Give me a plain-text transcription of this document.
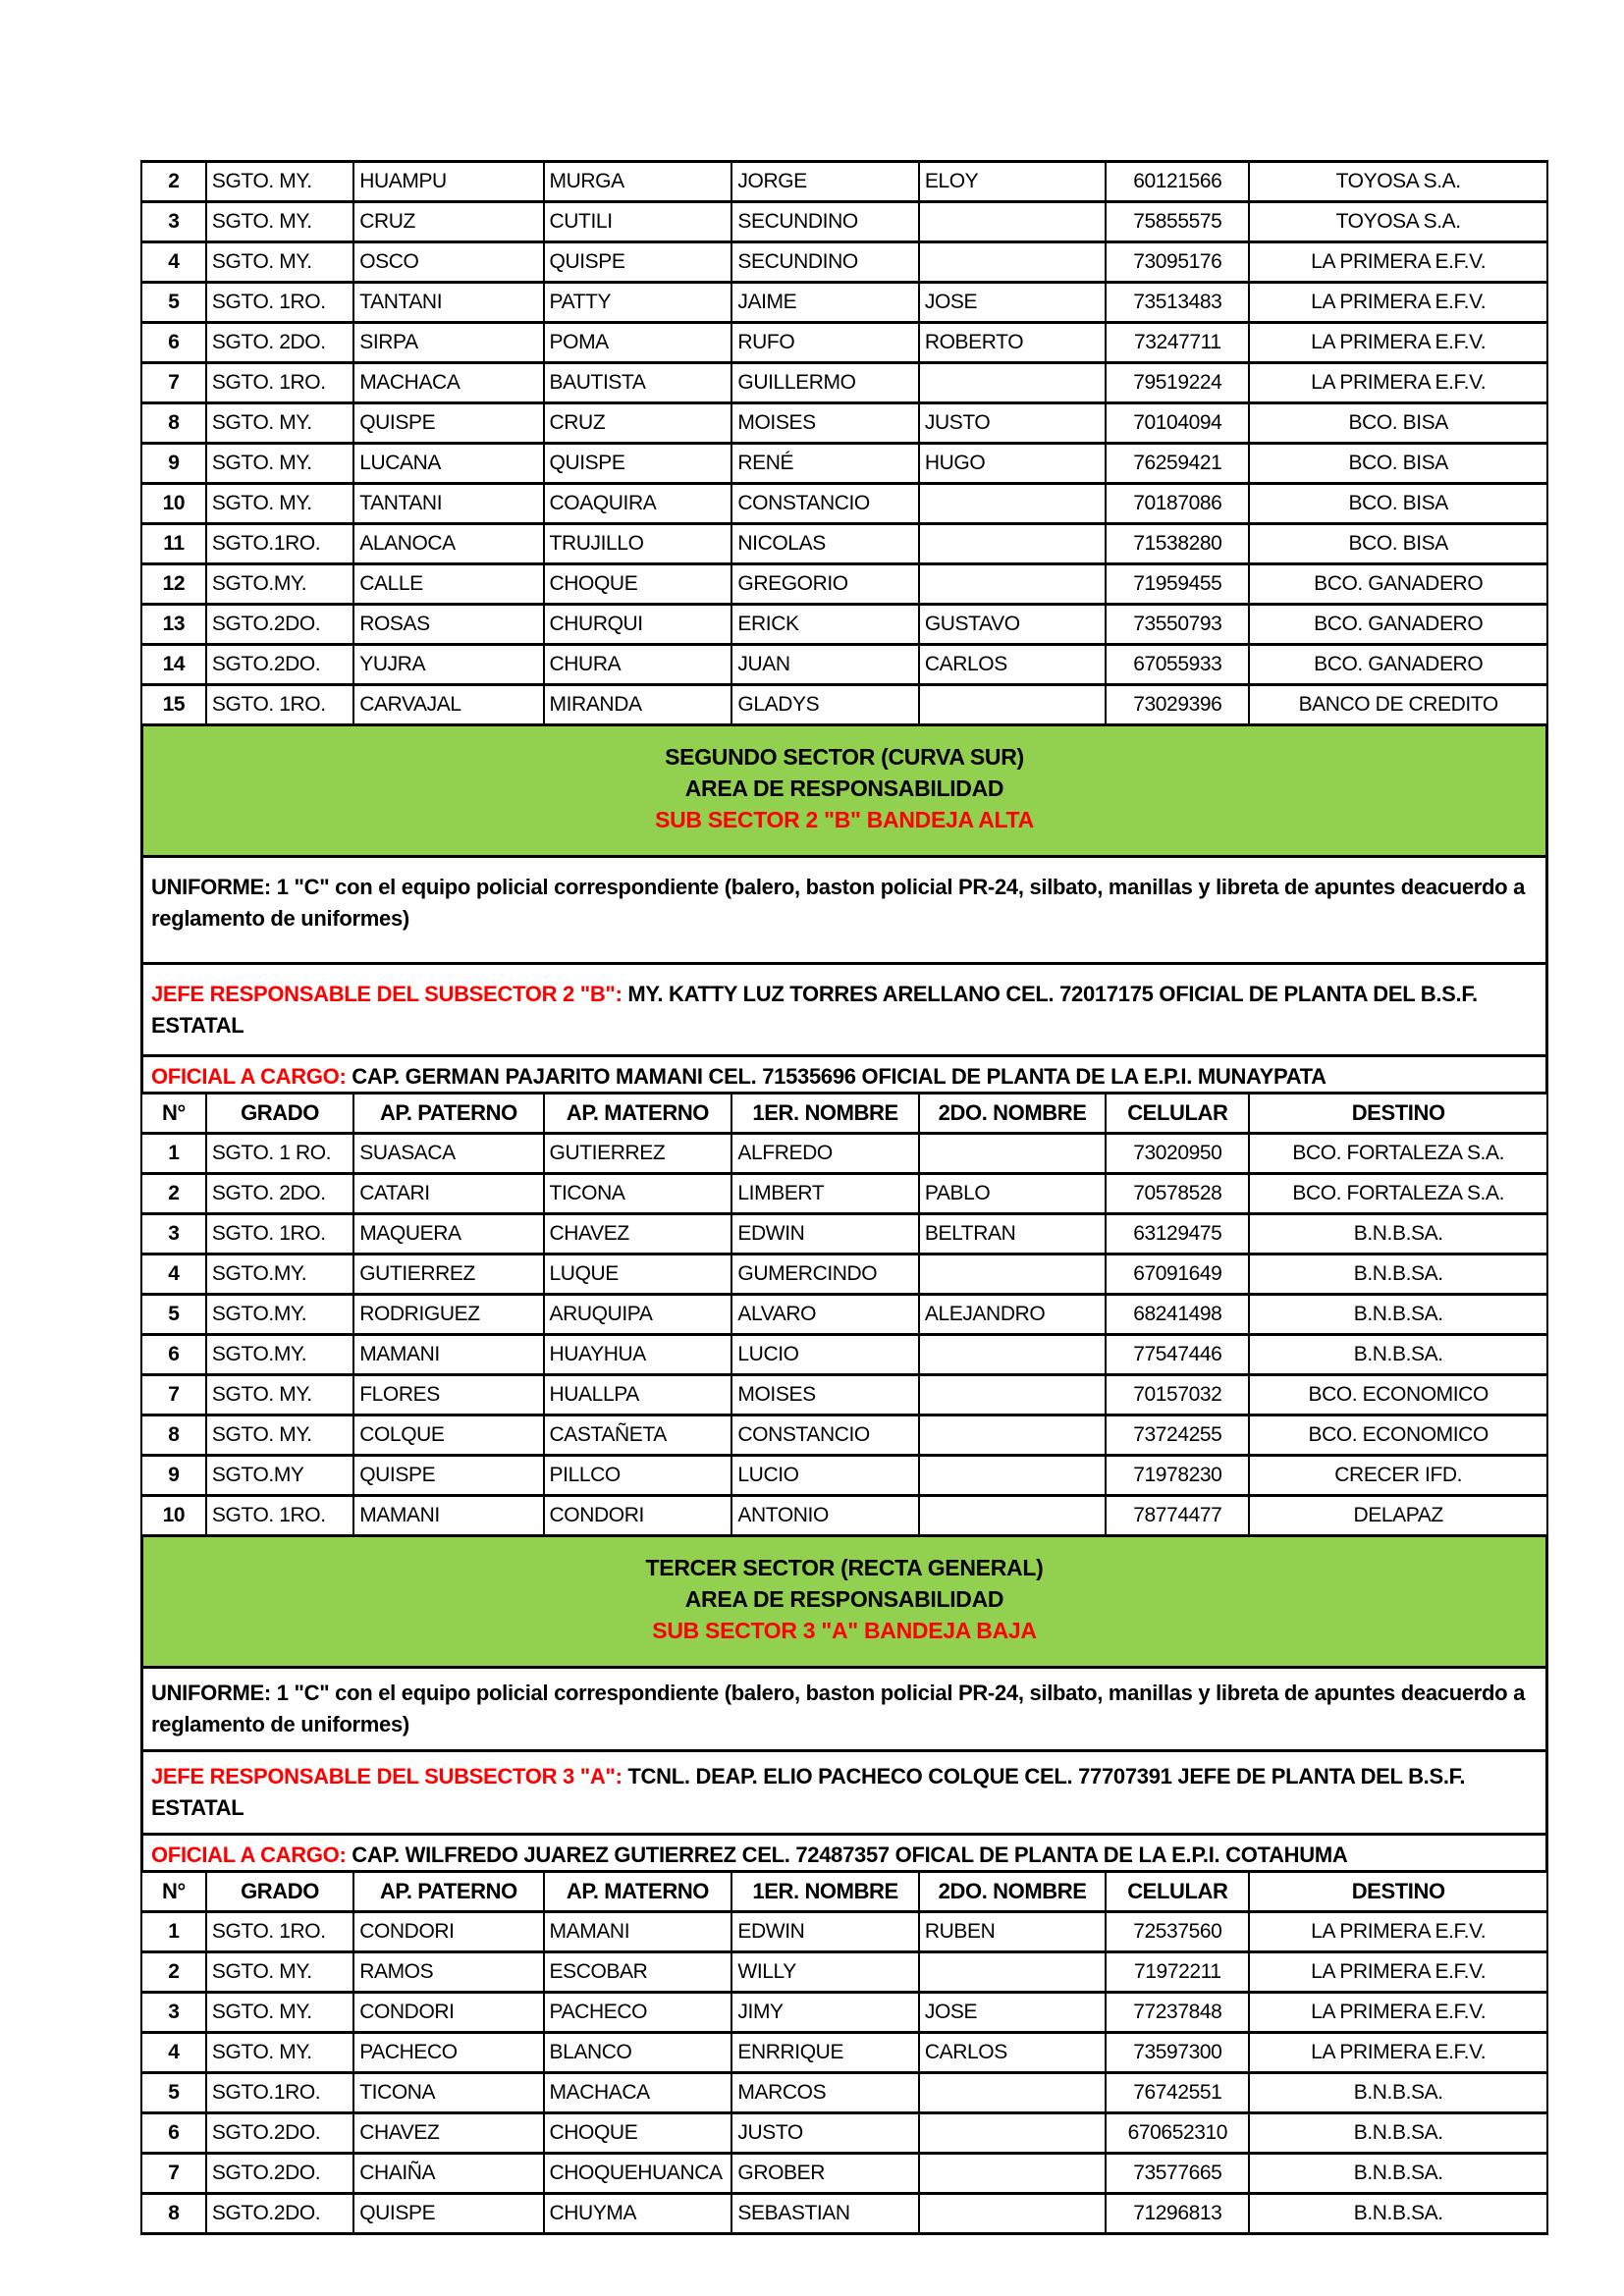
2	SGTO. MY.	HUAMPU	MURGA	JORGE	ELOY	60121566	TOYOSA S.A.
3	SGTO. MY.	CRUZ	CUTILI	SECUNDINO		75855575	TOYOSA S.A.
4	SGTO. MY.	OSCO	QUISPE	SECUNDINO		73095176	LA PRIMERA E.F.V.
5	SGTO. 1RO.	TANTANI	PATTY	JAIME	JOSE	73513483	LA PRIMERA E.F.V.
6	SGTO. 2DO.	SIRPA	POMA	RUFO	ROBERTO	73247711	LA PRIMERA E.F.V.
7	SGTO. 1RO.	MACHACA	BAUTISTA	GUILLERMO		79519224	LA PRIMERA E.F.V.
8	SGTO. MY.	QUISPE	CRUZ	MOISES	JUSTO	70104094	BCO. BISA
9	SGTO. MY.	LUCANA	QUISPE	RENÉ	HUGO	76259421	BCO. BISA
10	SGTO. MY.	TANTANI	COAQUIRA	CONSTANCIO		70187086	BCO. BISA
11	SGTO.1RO.	ALANOCA	TRUJILLO	NICOLAS		71538280	BCO. BISA
12	SGTO.MY.	CALLE	CHOQUE	GREGORIO		71959455	BCO. GANADERO
13	SGTO.2DO.	ROSAS	CHURQUI	ERICK	GUSTAVO	73550793	BCO. GANADERO
14	SGTO.2DO.	YUJRA	CHURA	JUAN	CARLOS	67055933	BCO. GANADERO
15	SGTO. 1RO.	CARVAJAL	MIRANDA	GLADYS		73029396	BANCO DE CREDITO
SEGUNDO SECTOR (CURVA SUR)
AREA DE RESPONSABILIDAD
SUB SECTOR 2 "B" BANDEJA ALTA
UNIFORME: 1 "C" con el equipo policial correspondiente (balero, baston policial PR-24, silbato, manillas y libreta de apuntes deacuerdo a
reglamento de uniformes)
JEFE RESPONSABLE DEL SUBSECTOR 2 "B": MY. KATTY LUZ TORRES ARELLANO CEL. 72017175 OFICIAL DE PLANTA DEL B.S.F.
ESTATAL
OFICIAL A CARGO: CAP. GERMAN PAJARITO MAMANI CEL. 71535696 OFICIAL DE PLANTA DE LA E.P.I. MUNAYPATA
N°	GRADO	AP. PATERNO	AP. MATERNO	1ER. NOMBRE	2DO. NOMBRE	CELULAR	DESTINO
1	SGTO. 1 RO.	SUASACA	GUTIERREZ	ALFREDO		73020950	BCO. FORTALEZA S.A.
2	SGTO. 2DO.	CATARI	TICONA	LIMBERT	PABLO	70578528	BCO. FORTALEZA S.A.
3	SGTO. 1RO.	MAQUERA	CHAVEZ	EDWIN	BELTRAN	63129475	B.N.B.SA.
4	SGTO.MY.	GUTIERREZ	LUQUE	GUMERCINDO		67091649	B.N.B.SA.
5	SGTO.MY.	RODRIGUEZ	ARUQUIPA	ALVARO	ALEJANDRO	68241498	B.N.B.SA.
6	SGTO.MY.	MAMANI	HUAYHUA	LUCIO		77547446	B.N.B.SA.
7	SGTO. MY.	FLORES	HUALLPA	MOISES		70157032	BCO. ECONOMICO
8	SGTO. MY.	COLQUE	CASTAÑETA	CONSTANCIO		73724255	BCO. ECONOMICO
9	SGTO.MY	QUISPE	PILLCO	LUCIO		71978230	CRECER IFD.
10	SGTO. 1RO.	MAMANI	CONDORI	ANTONIO		78774477	DELAPAZ
TERCER SECTOR (RECTA GENERAL)
AREA DE RESPONSABILIDAD
SUB SECTOR 3 "A" BANDEJA BAJA
UNIFORME: 1 "C" con el equipo policial correspondiente (balero, baston policial PR-24, silbato, manillas y libreta de apuntes deacuerdo a
reglamento de uniformes)
JEFE RESPONSABLE DEL SUBSECTOR 3 "A": TCNL. DEAP. ELIO PACHECO COLQUE CEL. 77707391 JEFE DE PLANTA DEL B.S.F.
ESTATAL
OFICIAL A CARGO: CAP. WILFREDO JUAREZ GUTIERREZ CEL. 72487357 OFICAL DE PLANTA DE LA E.P.I. COTAHUMA
N°	GRADO	AP. PATERNO	AP. MATERNO	1ER. NOMBRE	2DO. NOMBRE	CELULAR	DESTINO
1	SGTO. 1RO.	CONDORI	MAMANI	EDWIN	RUBEN	72537560	LA PRIMERA E.F.V.
2	SGTO. MY.	RAMOS	ESCOBAR	WILLY		71972211	LA PRIMERA E.F.V.
3	SGTO. MY.	CONDORI	PACHECO	JIMY	JOSE	77237848	LA PRIMERA E.F.V.
4	SGTO. MY.	PACHECO	BLANCO	ENRRIQUE	CARLOS	73597300	LA PRIMERA E.F.V.
5	SGTO.1RO.	TICONA	MACHACA	MARCOS		76742551	B.N.B.SA.
6	SGTO.2DO.	CHAVEZ	CHOQUE	JUSTO		670652310	B.N.B.SA.
7	SGTO.2DO.	CHAIÑA	CHOQUEHUANCA	GROBER		73577665	B.N.B.SA.
8	SGTO.2DO.	QUISPE	CHUYMA	SEBASTIAN		71296813	B.N.B.SA.
